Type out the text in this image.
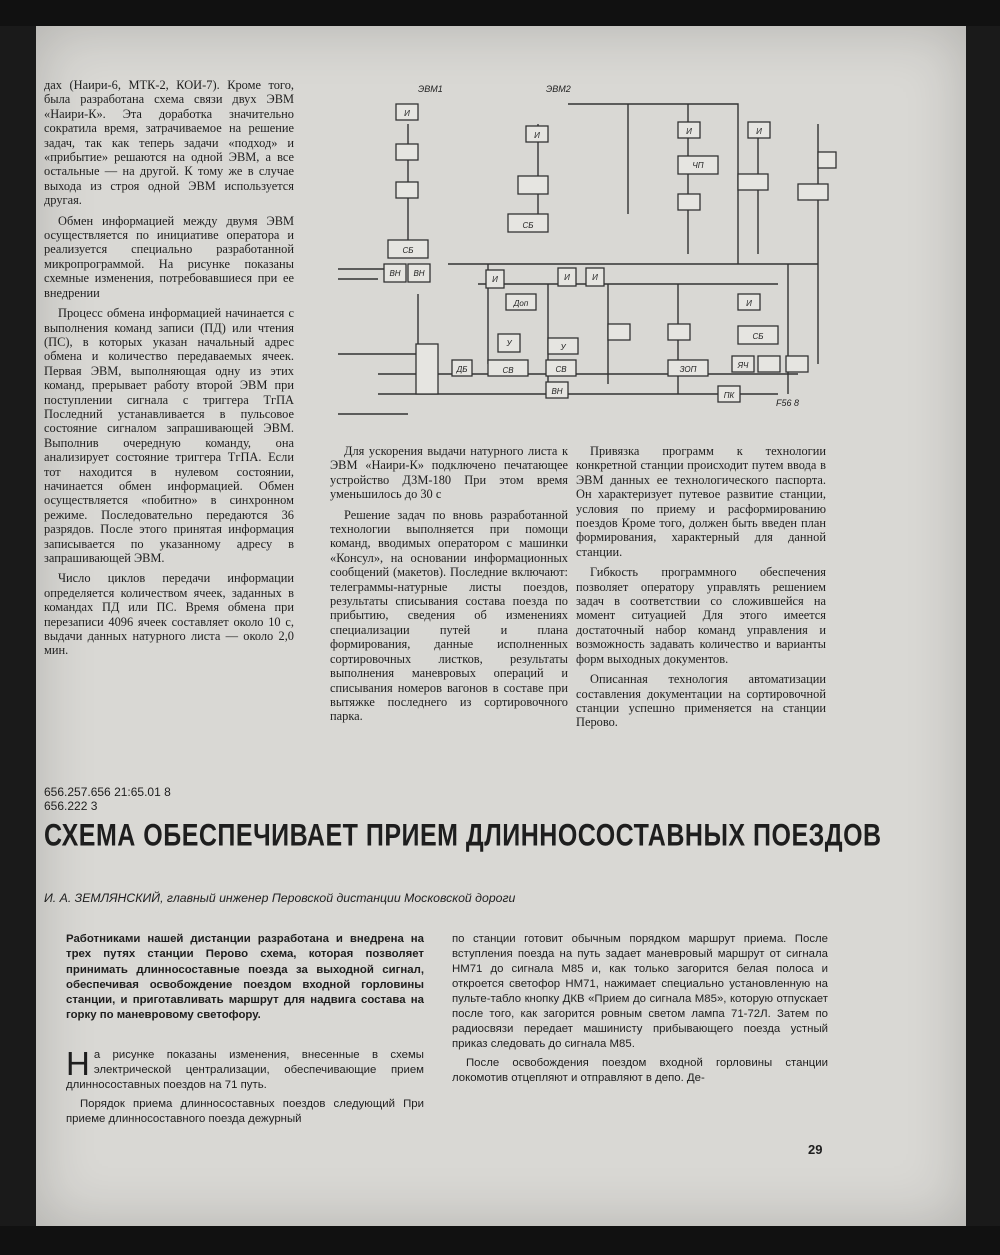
дах (Наири-6, МТК-2, КОИ-7). Кроме того, была разработана схема связи двух ЭВМ «Наири-К». Эта доработка значительно сократила время, затрачиваемое на решение задач, так как теперь задачи «подход» и «прибытие» решаются на одной ЭВМ, а все остальные — на другой. К тому же в случае выхода из строя одной ЭВМ используется другая.

Обмен информацией между двумя ЭВМ осуществляется по инициативе оператора и реализуется специально разработанной микропрограммой. На рисунке показаны схемные изменения, потребовавшиеся при ее внедрении

Процесс обмена информацией начинается с выполнения команд записи (ПД) или чтения (ПС), в которых указан начальный адрес обмена и количество передаваемых ячеек. Первая ЭВМ, выполняющая одну из этих команд, прерывает работу второй ЭВМ при поступлении сигнала с триггера ТгПА Последний устанавливается в пульсовое состояние сигналом запрашивающей ЭВМ. Выполнив очередную команду, она анализирует состояние триггера ТгПА. Если тот находится в нулевом состоянии, начинается обмен информацией. Обмен осуществляется «побитно» в синхронном режиме. Последовательно передаются 36 разрядов. После этого принятая информация записывается по указанному адресу в запрашивающей ЭВМ.

Число циклов передачи информации определяется количеством ячеек, заданных в командах ПД или ПС. Время обмена при перезаписи 4096 ячеек составляет около 10 с, выдачи данных натурного листа — около 2,0 мин.

ЭВМ1	ЭВМ2
F56 8
И	И	И
ЧП
СБ
ВН
СБ
СВ
У
И	И	И
Доп
У
СВ
ВН
СБ
ЯЧ
И
И
ВН
ПК
ЗОП
ДБ

Для ускорения выдачи натурного листа к ЭВМ «Наири-К» подключено печатающее устройство ДЗМ-180 При этом время уменьшилось до 30 с

Решение задач по вновь разработанной технологии выполняется при помощи команд, вводимых оператором с машинки «Консул», на основании информационных сообщений (макетов). Последние включают: телеграммы-натурные листы поездов, результаты списывания состава поезда по прибытию, сведения об изменениях специализации путей и плана формирования, данные исполненных сортировочных листков, результаты выполнения маневровых операций и списывания номеров вагонов в составе при вытяжке последнего из сортировочного парка.

Привязка программ к технологии конкретной станции происходит путем ввода в ЭВМ данных ее технологического паспорта. Он характеризует путевое развитие станции, условия по приему и расформированию поездов Кроме того, должен быть введен план формирования, характерный для данной станции.

Гибкость программного обеспечения позволяет оператору управлять решением задач в соответствии со сложившейся на момент ситуацией Для этого имеется достаточный набор команд управления и возможность задавать количество и варианты форм выходных документов.

Описанная технология автоматизации составления документации на сортировочной станции успешно применяется на станции Перово.

656.257.656 21:65.01 8
656.222 3
СХЕМА ОБЕСПЕЧИВАЕТ ПРИЕМ ДЛИННОСОСТАВНЫХ ПОЕЗДОВ
И. А. ЗЕМЛЯНСКИЙ, главный инженер Перовской дистанции Московской дороги
Работниками нашей дистанции разработана и внедрена на трех путях станции Перово схема, которая позволяет принимать длинносоставные поезда за выходной сигнал, обеспечивая освобождение поездом входной горловины станции, и приготавливать маршрут для надвига состава на горку по маневровому светофору.

На рисунке показаны изменения, внесенные в схемы электрической централизации, обеспечивающие прием длинносоставных поездов на 71 путь.

Порядок приема длинносоставных поездов следующий При приеме длинносоставного поезда дежурный

по станции готовит обычным порядком маршрут приема. После вступления поезда на путь задает маневровый маршрут от сигнала НМ71 до сигнала М85 и, как только загорится белая полоса и откроется светофор НМ71, нажимает специально установленную на пульте-табло кнопку ДКВ «Прием до сигнала М85», которую отпускает после того, как загорится ровным светом лампа 71-72Л. Затем по радиосвязи передает машинисту прибывающего поезда устный приказ следовать до сигнала М85.

После освобождения поездом входной горловины станции локомотив отцепляют и отправляют в депо. Де-

29
